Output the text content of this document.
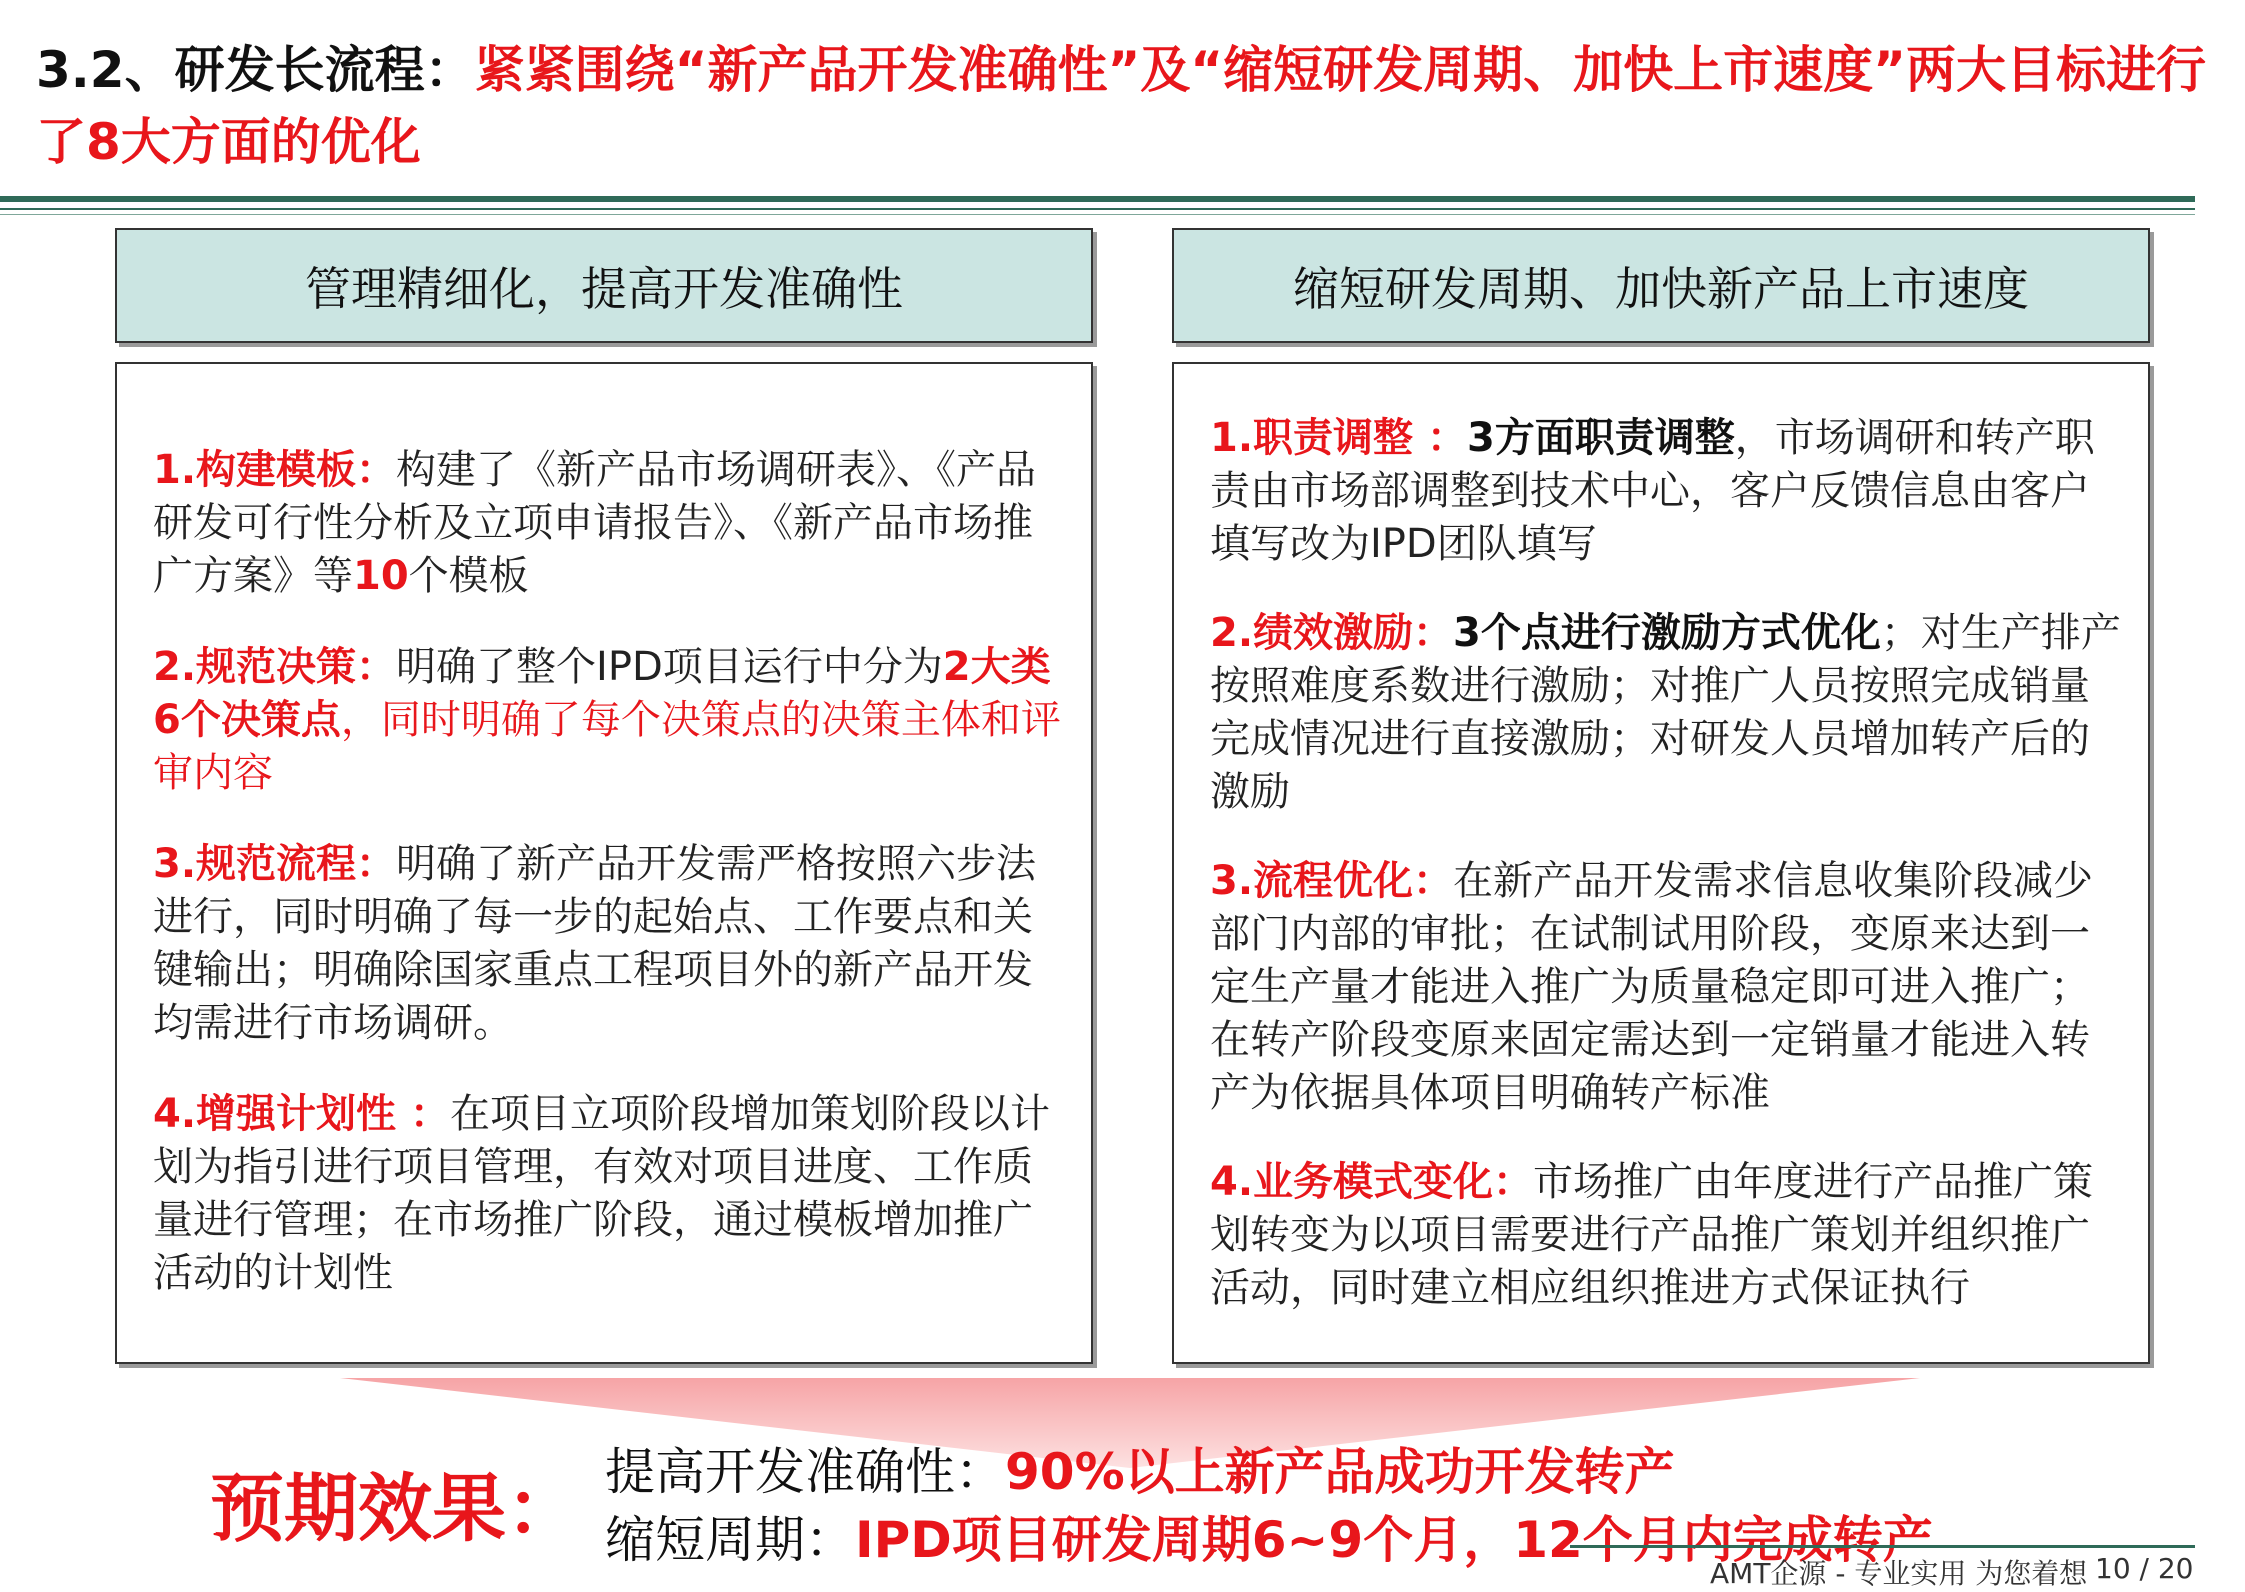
3.2、研发长流程：紧紧围绕“新产品开发准确性”及“缩短研发周期、加快上市速度”两大目标进行了8大方面的优化
管理精细化，提高开发准确性

1.构建模板：构建了《新产品市场调研表》、《产品研发可行性分析及立项申请报告》、《新产品市场推广方案》等10个模板

2.规范决策：明确了整个IPD项目运行中分为2大类6个决策点，同时明确了每个决策点的决策主体和评审内容

3.规范流程：明确了新产品开发需严格按照六步法进行，同时明确了每一步的起始点、工作要点和关键输出；明确除国家重点工程项目外的新产品开发均需进行市场调研。

4.增强计划性 ：在项目立项阶段增加策划阶段以计划为指引进行项目管理，有效对项目进度、工作质量进行管理；在市场推广阶段，通过模板增加推广活动的计划性

缩短研发周期、加快新产品上市速度

1.职责调整 ：3方面职责调整，市场调研和转产职责由市场部调整到技术中心，客户反馈信息由客户填写改为IPD团队填写

2.绩效激励：3个点进行激励方式优化；对生产排产按照难度系数进行激励；对推广人员按照完成销量完成情况进行直接激励；对研发人员增加转产后的激励

3.流程优化：在新产品开发需求信息收集阶段减少部门内部的审批；在试制试用阶段，变原来达到一定生产量才能进入推广为质量稳定即可进入推广；在转产阶段变原来固定需达到一定销量才能进入转产为依据具体项目明确转产标准

4.业务模式变化：市场推广由年度进行产品推广策划转变为以项目需要进行产品推广策划并组织推广活动，同时建立相应组织推进方式保证执行

预期效果： 提高开发准确性：90%以上新产品成功开发转产
缩短周期：IPD项目研发周期6~9个月，12个月内完成转产
AMT企源 - 专业实用 为您着想 10 / 20
